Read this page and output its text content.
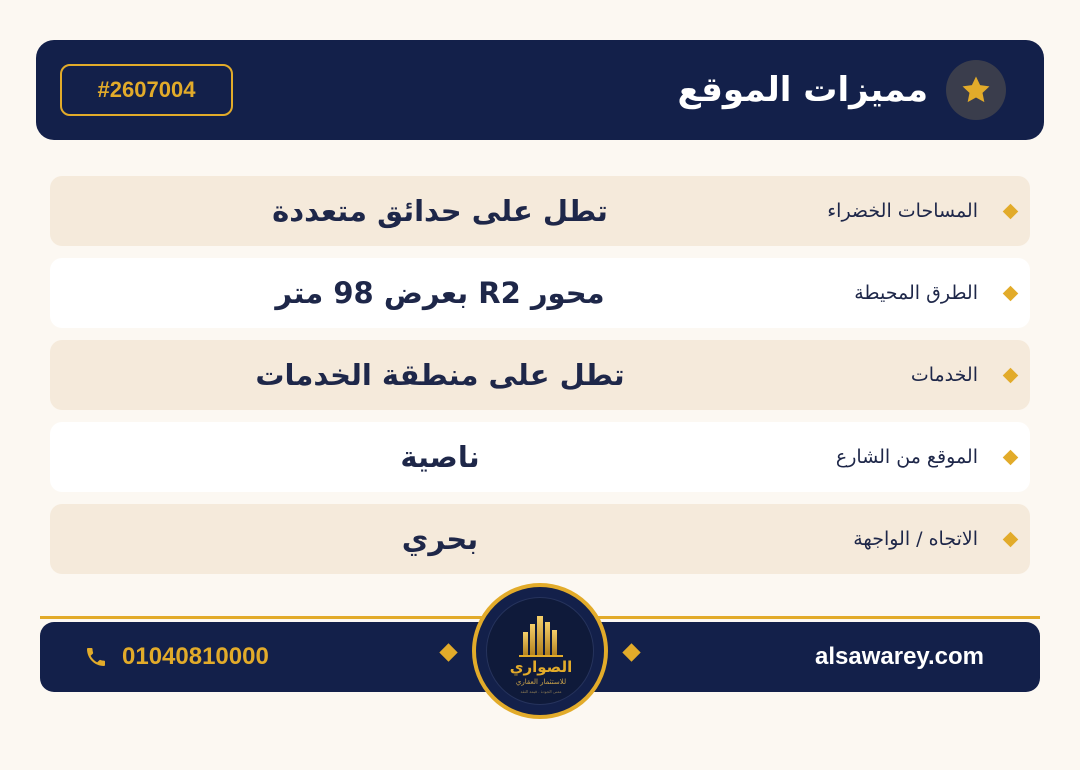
#2607004	مميزات الموقع
المساحات الخضراء
تطل على حدائق متعددة
الطرق المحيطة
محور R2 بعرض 98 متر
الخدمات
تطل على منطقة الخدمات
الموقع من الشارع
ناصية
الاتجاه / الواجهة
بحري
01040810000	alsawarey.com
الصواري
للاستثمار العقاري
معنى الجودة . قيمة الثقة
